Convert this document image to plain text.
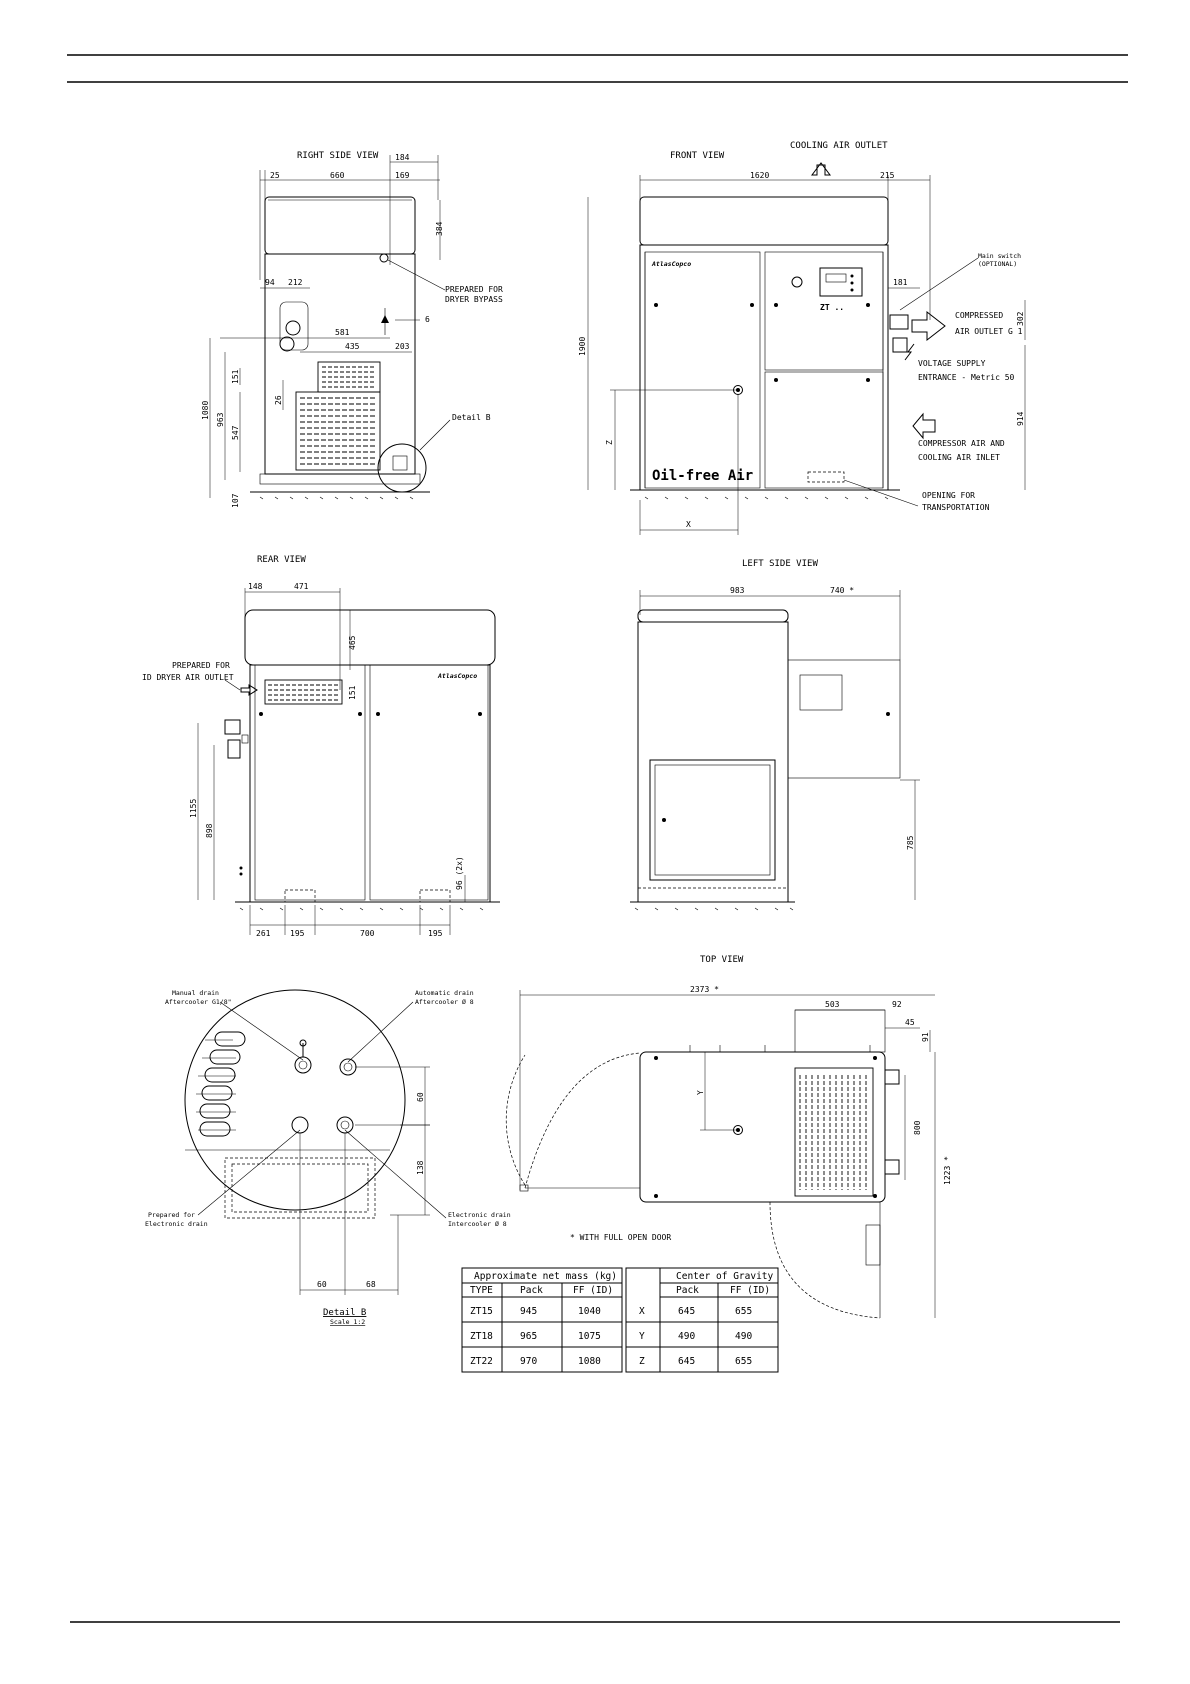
RIGHT SIDE VIEW 184
25	660	169
384
PREPARED FOR
DRYER BYPASS
94 212
6
581
435	203
1080 963
151
547
26
107
Detail B
FRONT VIEW
COOLING AIR OUTLET
1620	215
AtlasCopco
ZT ..
Oil-free Air
1900
Z
X
181
Main switch
(OPTIONAL)
COMPRESSED
AIR OUTLET G 1
302
VOLTAGE SUPPLY
ENTRANCE - Metric 50
914
COMPRESSOR AIR AND
COOLING AIR INLET
OPENING FOR
TRANSPORTATION
REAR VIEW
148	471
AtlasCopco
465
151
PREPARED FOR
ID DRYER AIR OUTLET
1155
898
96 (2x)
261 195	700	195
LEFT SIDE VIEW
983	740 *
785
TOP VIEW
2373 *
503	92
45
91
Y
800
1223 *
* WITH FULL OPEN DOOR
60
138
60	68
Manual drain
Aftercooler G1/8"
Automatic drain
Aftercooler Ø 8
Prepared for
Electronic drain
Electronic drain
Intercooler Ø 8
Detail B
Scale 1:2
Approximate net mass (kg)
TYPE	Pack	FF (ID)
ZT15	945	1040
ZT18	965	1075
ZT22	970	1080
Center of Gravity
Pack	FF (ID)
X	645	655
Y	490	490
Z	645	655
